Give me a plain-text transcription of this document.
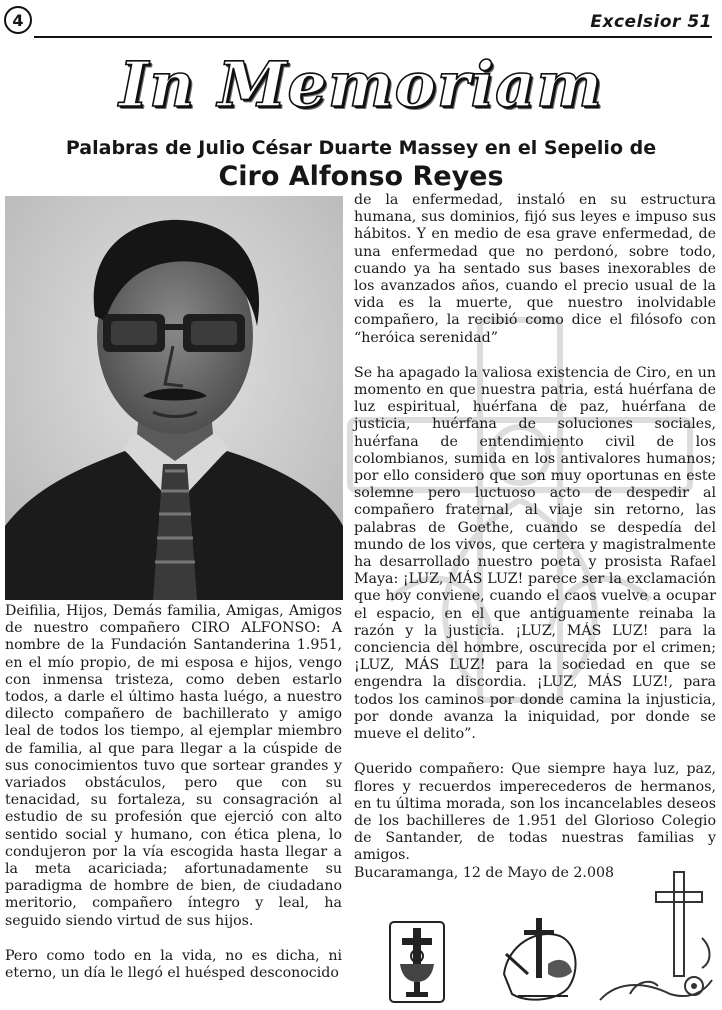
4	Excelsior 51
In Memoriam
Palabras de Julio César Duarte Massey en el Sepelio de
Ciro Alfonso Reyes

Deifilia, Hijos, Demás familia, Amigas, Amigos de nuestro compañero CIRO ALFONSO: A nombre de la Fundación Santanderina 1.951, en el mío propio, de mi esposa e hijos, vengo con inmensa tristeza, como deben estarlo todos, a darle el último hasta luégo, a nuestro dilecto compañero de bachillerato y amigo leal de todos los tiempo, al ejemplar miembro de familia, al que para llegar a la cúspide de sus conocimientos tuvo que sortear grandes y variados obstáculos, pero que con su tenacidad, su fortaleza, su consagración al estudio de su profesión que ejerció con alto sentido social y humano, con ética plena, lo condujeron por la vía escogida hasta llegar a la meta acariciada; afortunadamente su paradigma de hombre de bien, de ciudadano meritorio, compañero íntegro y leal, ha seguido siendo virtud de sus hijos.

Pero como todo en la vida, no es dicha, ni eterno, un día le llegó el huésped desconocido

de la enfermedad, instaló en su estructura humana, sus dominios, fijó sus leyes e impuso sus hábitos. Y en medio de esa grave enfermedad, de una enfermedad que no perdonó, sobre todo, cuando ya ha sentado sus bases inexorables de los avanzados años, cuando el precio usual de la vida es la muerte, que nuestro inolvidable compañero, la recibió como dice el filósofo con “heróica serenidad”

Se ha apagado la valiosa existencia de Ciro, en un momento en que nuestra patria, está huérfana de luz espiritual, huérfana de paz, huérfana de justicia, huérfana de soluciones sociales, huérfana de entendimiento civil de los colombianos, sumida en los antivalores humanos; por ello considero que son muy oportunas en este solemne pero luctuoso acto de despedir al compañero fraternal, al viaje sin retorno, las palabras de Goethe, cuando se despedía del mundo de los vivos, que certera y magistralmente ha desarrollado nuestro poeta y prosista Rafael Maya: ¡LUZ, MÁS LUZ! parece ser la exclamación que hoy conviene, cuando el caos vuelve a ocupar el espacio, en el que antiguamente reinaba la razón y la justicia. ¡LUZ, MÁS LUZ! para la conciencia del hombre, oscurecida por el crimen; ¡LUZ, MÁS LUZ! para la sociedad en que se engendra la discordia. ¡LUZ, MÁS LUZ!, para todos los caminos por donde camina la injusticia, por donde avanza la iniquidad, por donde se mueve el delito”.

Querido compañero: Que siempre haya luz, paz, flores y recuerdos imperecederos de hermanos, en tu última morada, son los incancelables deseos de los bachilleres de 1.951 del Glorioso Colegio de Santander, de todas nuestras familias y amigos.

Bucaramanga, 12 de Mayo de 2.008
